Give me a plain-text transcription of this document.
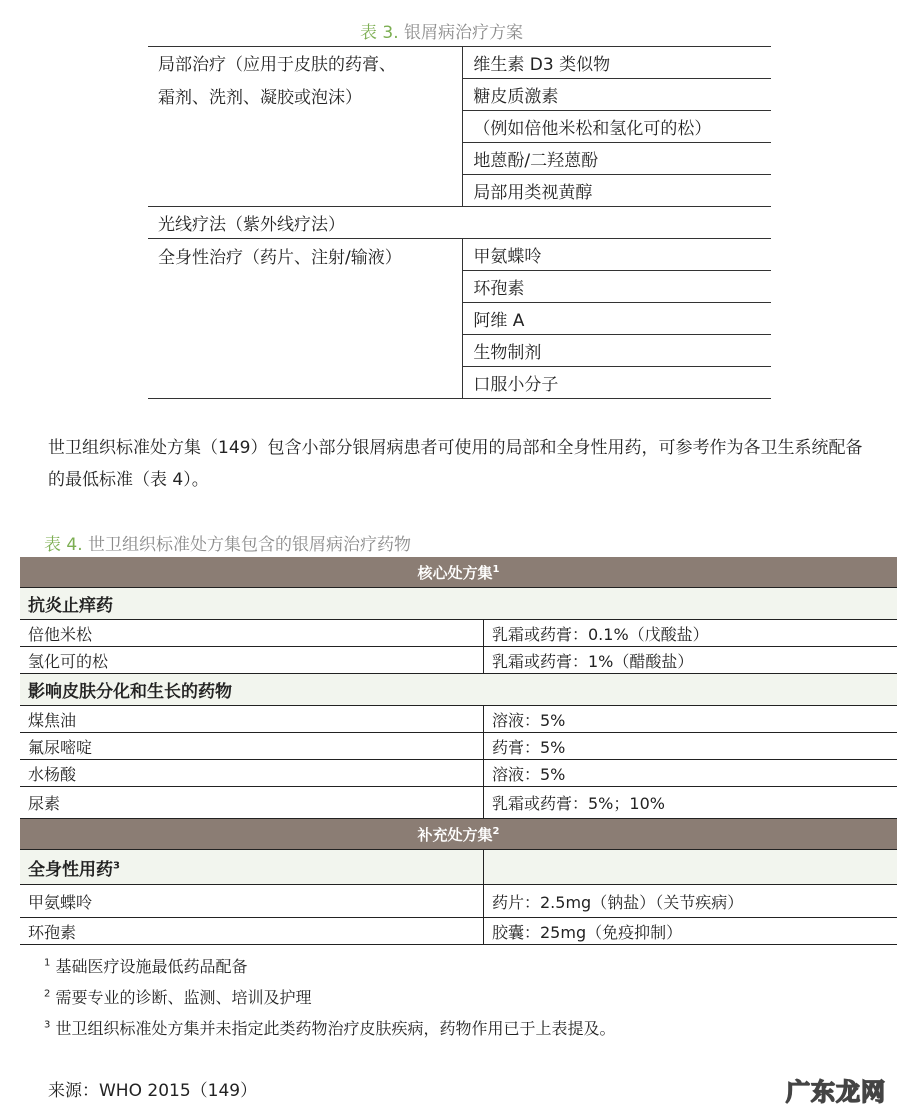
表 3. 银屑病治疗方案
局部治疗（应用于皮肤的药膏、	维生素 D3 类似物
霜剂、洗剂、凝胶或泡沫）	糖皮质激素
	（例如倍他米松和氢化可的松）
	地蒽酚/二羟蒽酚
	局部用类视黄醇
光线疗法（紫外线疗法）	
全身性治疗（药片、注射/输液）	甲氨蝶呤
	环孢素
	阿维 A
	生物制剂
	口服小分子
世卫组织标准处方集（149）包含小部分银屑病患者可使用的局部和全身性用药，可参考作为各卫生系统配备的最低标准（表 4）。
表 4. 世卫组织标准处方集包含的银屑病治疗药物
核心处方集$^1$
抗炎止痒药	
倍他米松	乳霜或药膏：0.1%（戊酸盐）
氢化可的松	乳霜或药膏：1%（醋酸盐）
影响皮肤分化和生长的药物	
煤焦油	溶液：5%
氟尿嘧啶	药膏：5%
水杨酸	溶液：5%
尿素	乳霜或药膏：5%；10%
补充处方集$^2$
全身性用药$^3$	
甲氨蝶呤	药片：2.5mg（钠盐）（关节疾病）
环孢素	胶囊：25mg（免疫抑制）
$^1$ 基础医疗设施最低药品配备
$^2$ 需要专业的诊断、监测、培训及护理
$^3$ 世卫组织标准处方集并未指定此类药物治疗皮肤疾病，药物作用已于上表提及。
来源：WHO 2015（149）	广东龙网
